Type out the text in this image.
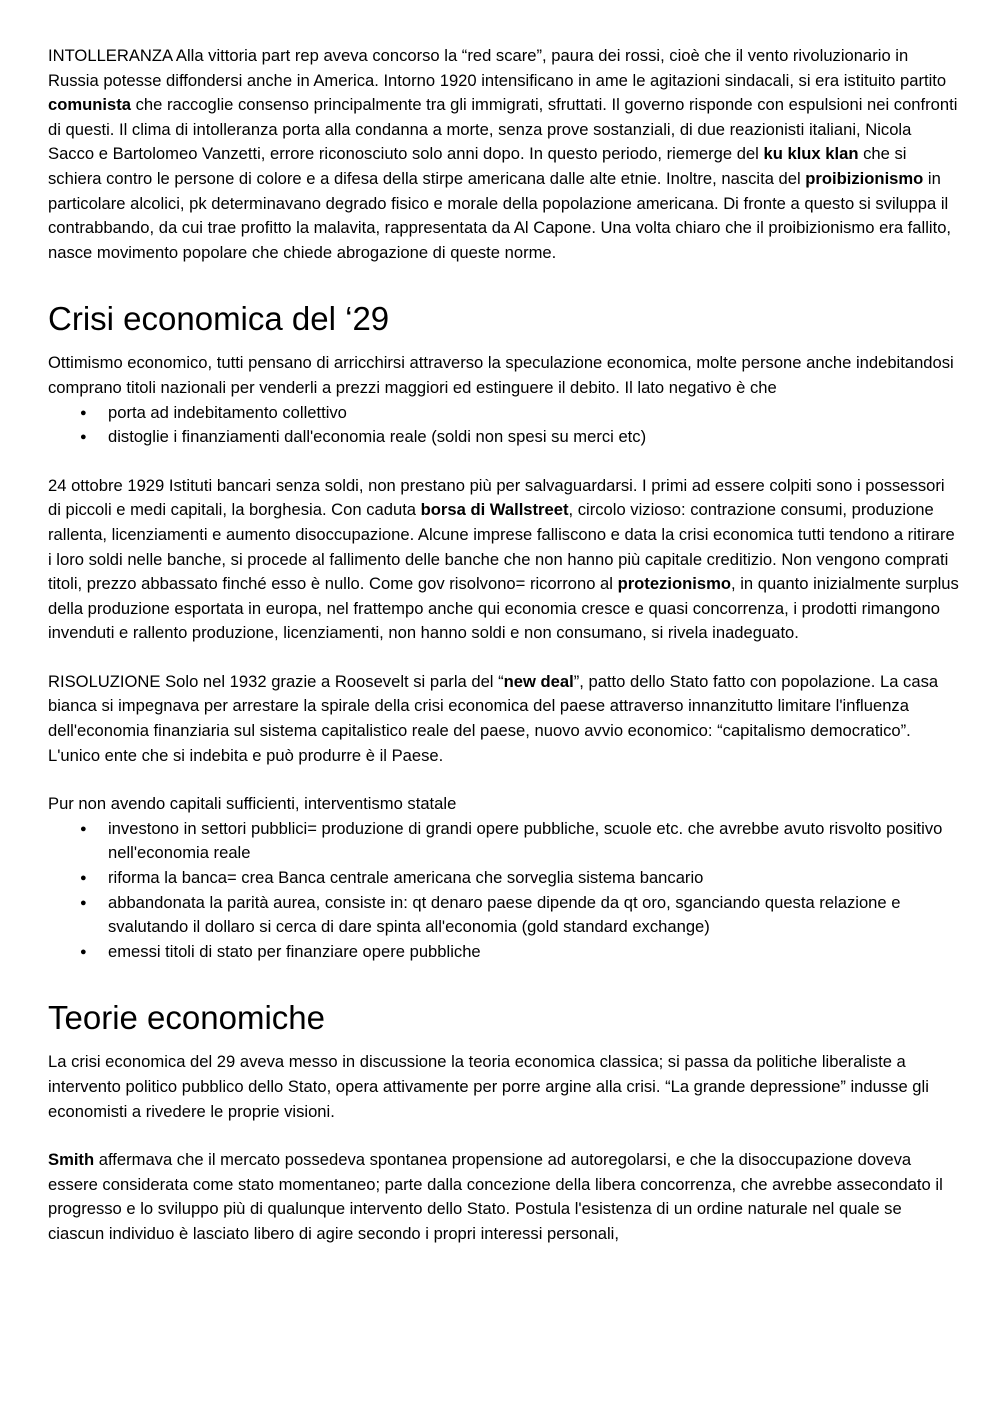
INTOLLERANZA Alla vittoria part rep aveva concorso la “red scare”, paura dei rossi, cioè che il vento rivoluzionario in Russia potesse diffondersi anche in America. Intorno 1920 intensificano in ame le agitazioni sindacali, si era istituito partito comunista che raccoglie consenso principalmente tra gli immigrati, sfruttati. Il governo risponde con espulsioni nei confronti di questi. Il clima di intolleranza porta alla condanna a morte, senza prove sostanziali, di due reazionisti italiani, Nicola Sacco e Bartolomeo Vanzetti, errore riconosciuto solo anni dopo. In questo periodo, riemerge del ku klux klan che si schiera contro le persone di colore e a difesa della stirpe americana dalle alte etnie. Inoltre, nascita del proibizionismo in particolare alcolici, pk determinavano degrado fisico e morale della popolazione americana. Di fronte a questo si sviluppa il contrabbando, da cui trae profitto la malavita, rappresentata da Al Capone. Una volta chiaro che il proibizionismo era fallito, nasce movimento popolare che chiede abrogazione di queste norme.

Crisi economica del ‘29

Ottimismo economico, tutti pensano di arricchirsi attraverso la speculazione economica, molte persone anche indebitandosi comprano titoli nazionali per venderli a prezzi maggiori ed estinguere il debito. Il lato negativo è che

● porta ad indebitamento collettivo
● distoglie i finanziamenti dall'economia reale (soldi non spesi su merci etc)

24 ottobre 1929 Istituti bancari senza soldi, non prestano più per salvaguardarsi. I primi ad essere colpiti sono i possessori di piccoli e medi capitali, la borghesia. Con caduta borsa di Wallstreet, circolo vizioso: contrazione consumi, produzione rallenta, licenziamenti e aumento disoccupazione. Alcune imprese falliscono e data la crisi economica tutti tendono a ritirare i loro soldi nelle banche, si procede al fallimento delle banche che non hanno più capitale creditizio. Non vengono comprati titoli, prezzo abbassato finché esso è nullo. Come gov risolvono= ricorrono al protezionismo, in quanto inizialmente surplus della produzione esportata in europa, nel frattempo anche qui economia cresce e quasi concorrenza, i prodotti rimangono invenduti e rallento produzione, licenziamenti, non hanno soldi e non consumano, si rivela inadeguato.

RISOLUZIONE Solo nel 1932 grazie a Roosevelt si parla del “new deal”, patto dello Stato fatto con popolazione. La casa bianca si impegnava per arrestare la spirale della crisi economica del paese attraverso innanzitutto limitare l'influenza dell'economia finanziaria sul sistema capitalistico reale del paese, nuovo avvio economico: “capitalismo democratico”. L'unico ente che si indebita e può produrre è il Paese.

Pur non avendo capitali sufficienti, interventismo statale

● investono in settori pubblici= produzione di grandi opere pubbliche, scuole etc. che avrebbe avuto risvolto positivo nell'economia reale
● riforma la banca= crea Banca centrale americana che sorveglia sistema bancario
● abbandonata la parità aurea, consiste in: qt denaro paese dipende da qt oro, sganciando questa relazione e svalutando il dollaro si cerca di dare spinta all'economia (gold standard exchange)
● emessi titoli di stato per finanziare opere pubbliche
Teorie economiche

La crisi economica del 29 aveva messo in discussione la teoria economica classica; si passa da politiche liberaliste a intervento politico pubblico dello Stato, opera attivamente per porre argine alla crisi. “La grande depressione” indusse gli economisti a rivedere le proprie visioni.

Smith affermava che il mercato possedeva spontanea propensione ad autoregolarsi, e che la disoccupazione doveva essere considerata come stato momentaneo; parte dalla concezione della libera concorrenza, che avrebbe assecondato il progresso e lo sviluppo più di qualunque intervento dello Stato. Postula l'esistenza di un ordine naturale nel quale se ciascun individuo è lasciato libero di agire secondo i propri interessi personali,
